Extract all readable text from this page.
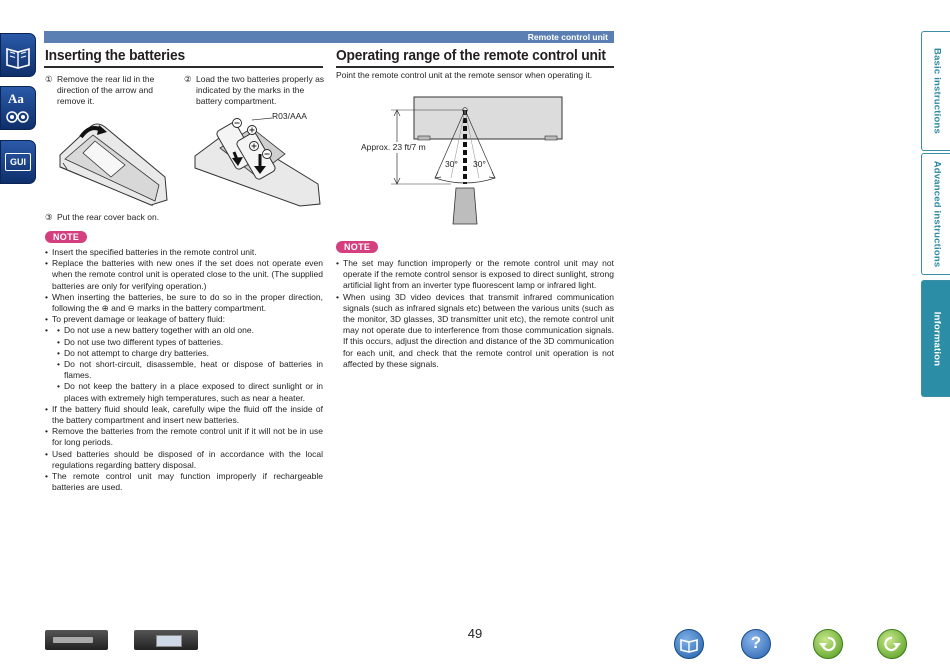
Remote control unit
Aa
GUI
Inserting the batteries
① Remove the rear lid in the direction of the arrow and remove it.
② Load the two batteries properly as indicated by the marks in the battery compartment.
R03/AAA
③ Put the rear cover back on.
NOTE
• Insert the specified batteries in the remote control unit.
• Replace the batteries with new ones if the set does not operate even when the remote control unit is operated close to the unit. (The supplied batteries are only for verifying operation.)
• When inserting the batteries, be sure to do so in the proper direction, following the ⊕ and ⊖ marks in the battery compartment.
• To prevent damage or leakage of battery fluid:
• • Do not use a new battery together with an old one.
• Do not use two different types of batteries.
• Do not attempt to charge dry batteries.
• Do not short-circuit, disassemble, heat or dispose of batteries in flames.
• Do not keep the battery in a place exposed to direct sunlight or in places with extremely high temperatures, such as near a heater.
• If the battery fluid should leak, carefully wipe the fluid off the inside of the battery compartment and insert new batteries.
• Remove the batteries from the remote control unit if it will not be in use for long periods.
• Used batteries should be disposed of in accordance with the local regulations regarding battery disposal.
• The remote control unit may function improperly if rechargeable batteries are used.
Operating range of the remote control unit
Point the remote control unit at the remote sensor when operating it.
Approx. 23 ft/7 m
30° 30°
NOTE
• The set may function improperly or the remote control unit may not operate if the remote control sensor is exposed to direct sunlight, strong artificial light from an inverter type fluorescent lamp or infrared light.
• When using 3D video devices that transmit infrared communication signals (such as infrared signals etc) between the various units (such as the monitor, 3D glasses, 3D transmitter unit etc), the remote control unit may not operate due to interference from those communication signals. If this occurs, adjust the direction and distance of the 3D communication for each unit, and check that the remote control unit operation is not affected by these signals.
Basic instructions
Advanced instructions
Information
49	?
